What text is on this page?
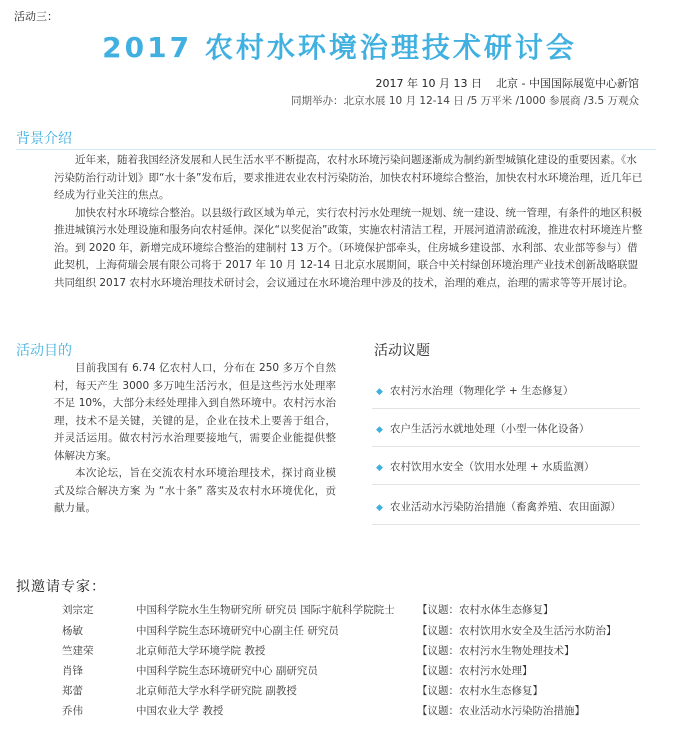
活动三：
2017 农村水环境治理技术研讨会
2017 年 10 月 13 日 北京 - 中国国际展览中心新馆
同期举办：北京水展 10 月 12-14 日 /5 万平米 /1000 参展商 /3.5 万观众
背景介绍

近年来，随着我国经济发展和人民生活水平不断提高，农村水环境污染问题逐渐成为制约新型城镇化建设的重要因素。《水污染防治行动计划》即“水十条”发布后，要求推进农业农村污染防治，加快农村环境综合整治，加快农村水环境治理，近几年已经成为行业关注的焦点。

加快农村水环境综合整治。以县级行政区域为单元，实行农村污水处理统一规划、统一建设、统一管理，有条件的地区积极推进城镇污水处理设施和服务向农村延伸。深化“以奖促治”政策，实施农村清洁工程，开展河道清淤疏浚，推进农村环境连片整治。到 2020 年，新增完成环境综合整治的建制村 13 万个。（环境保护部牵头，住房城乡建设部、水利部、农业部等参与）借此契机，上海荷瑞会展有限公司将于 2017 年 10 月 12-14 日北京水展期间，联合中关村绿创环境治理产业技术创新战略联盟共同组织 2017 农村水环境治理技术研讨会，会议通过在水环境治理中涉及的技术，治理的难点，治理的需求等等开展讨论。

活动目的

目前我国有 6.74 亿农村人口，分布在 250 多万个自然村，每天产生 3000 多万吨生活污水，但是这些污水处理率不足 10%，大部分未经处理排入到自然环境中。农村污水治理，技术不是关键，关键的是，企业在技术上要善于组合，并灵活运用。做农村污水治理要接地气，需要企业能提供整体解决方案。

本次论坛，旨在交流农村水环境治理技术，探讨商业模式及综合解决方案 为 “水十条” 落实及农村水环境优化，贡献力量。

活动议题
◆ 农村污水治理（物理化学 + 生态修复）
◆ 农户生活污水就地处理（小型一体化设备）
◆ 农村饮用水安全（饮用水处理 + 水质监测）
◆ 农业活动水污染防治措施（畜禽养殖、农田面源）
拟邀请专家：
刘宗定	中国科学院水生生物研究所 研究员 国际宇航科学院院士 【议题：农村水体生态修复】
杨敏	中国科学院生态环境研究中心副主任 研究员	【议题：农村饮用水安全及生活污水防治】
竺建荣	北京师范大学环境学院 教授	【议题：农村污水生物处理技术】
肖锋	中国科学院生态环境研究中心 副研究员	【议题：农村污水处理】
郑蕾	北京师范大学水科学研究院 副教授	【议题：农村水生态修复】
乔伟	中国农业大学 教授	【议题：农业活动水污染防治措施】
